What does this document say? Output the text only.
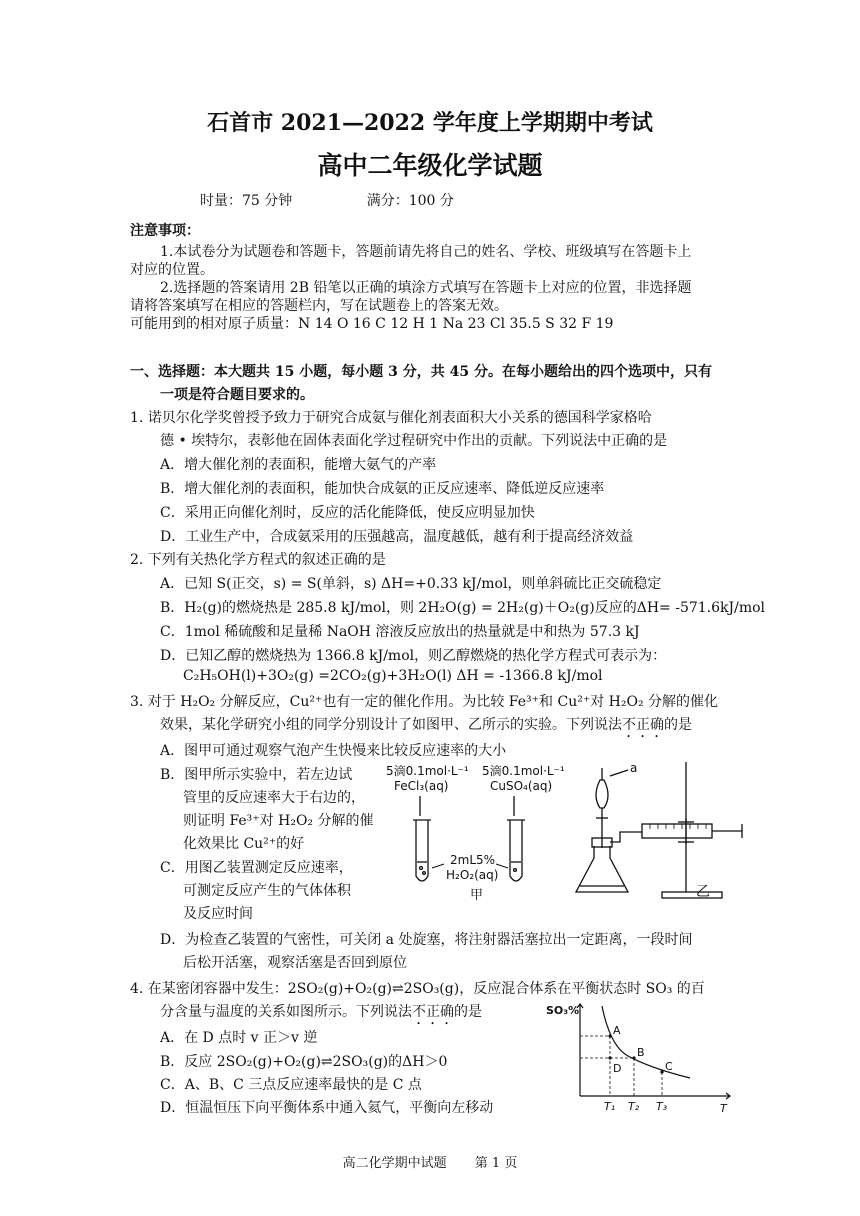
石首市 2021—2022 学年度上学期期中考试
高中二年级化学试题
时量：75 分钟	满分：100 分
注意事项：
1.本试卷分为试题卷和答题卡，答题前请先将自己的姓名、学校、班级填写在答题卡上
对应的位置。
2.选择题的答案请用 2B 铅笔以正确的填涂方式填写在答题卡上对应的位置，非选择题
请将答案填写在相应的答题栏内，写在试题卷上的答案无效。
可能用到的相对原子质量：N 14 O 16 C 12 H 1 Na 23 Cl 35.5 S 32 F 19
一、选择题：本大题共 15 小题，每小题 3 分，共 45 分。在每小题给出的四个选项中，只有
一项是符合题目要求的。
1. 诺贝尔化学奖曾授予致力于研究合成氨与催化剂表面积大小关系的德国科学家格哈
德 • 埃特尔，表彰他在固体表面化学过程研究中作出的贡献。下列说法中正确的是
A．增大催化剂的表面积，能增大氨气的产率
B．增大催化剂的表面积，能加快合成氨的正反应速率、降低逆反应速率
C．采用正向催化剂时，反应的活化能降低，使反应明显加快
D．工业生产中，合成氨采用的压强越高，温度越低，越有利于提高经济效益
2. 下列有关热化学方程式的叙述正确的是
A．已知 S(正交，s) = S(单斜，s) ΔH=+0.33 kJ/mol，则单斜硫比正交硫稳定
B．H₂(g)的燃烧热是 285.8 kJ/mol，则 2H₂O(g) = 2H₂(g)＋O₂(g)反应的ΔH= -571.6kJ/mol
C．1mol 稀硫酸和足量稀 NaOH 溶液反应放出的热量就是中和热为 57.3 kJ
D．已知乙醇的燃烧热为 1366.8 kJ/mol，则乙醇燃烧的热化学方程式可表示为：
C₂H₅OH(l)+3O₂(g) =2CO₂(g)+3H₂O(l) ΔH = -1366.8 kJ/mol
3. 对于 H₂O₂ 分解反应，Cu²⁺也有一定的催化作用。为比较 Fe³⁺和 Cu²⁺对 H₂O₂ 分解的催化
效果，某化学研究小组的同学分别设计了如图甲、乙所示的实验。下列说法不正确的是
A．图甲可通过观察气泡产生快慢来比较反应速率的大小
B．图甲所示实验中，若左边试
管里的反应速率大于右边的，
则证明 Fe³⁺对 H₂O₂ 分解的催
化效果比 Cu²⁺的好
C．用图乙装置测定反应速率，
可测定反应产生的气体体积
及反应时间
D．为检查乙装置的气密性，可关闭 a 处旋塞，将注射器活塞拉出一定距离，一段时间
后松开活塞，观察活塞是否回到原位
5滴0.1mol·L⁻¹
FeCl₃(aq)
5滴0.1mol·L⁻¹
CuSO₄(aq)
2mL5%
H₂O₂(aq)
甲	乙
a
4. 在某密闭容器中发生：2SO₂(g)+O₂(g)⇌2SO₃(g)，反应混合体系在平衡状态时 SO₃ 的百
分含量与温度的关系如图所示。下列说法不正确的是
A．在 D 点时 v 正＞v 逆
B．反应 2SO₂(g)+O₂(g)⇌2SO₃(g)的ΔH＞0
C．A、B、C 三点反应速率最快的是 C 点
D．恒温恒压下向平衡体系中通入氦气，平衡向左移动
SO₃%
T
T₁ T₂ T₃
A
B
C
D
高二化学期中试题 第 1 页
